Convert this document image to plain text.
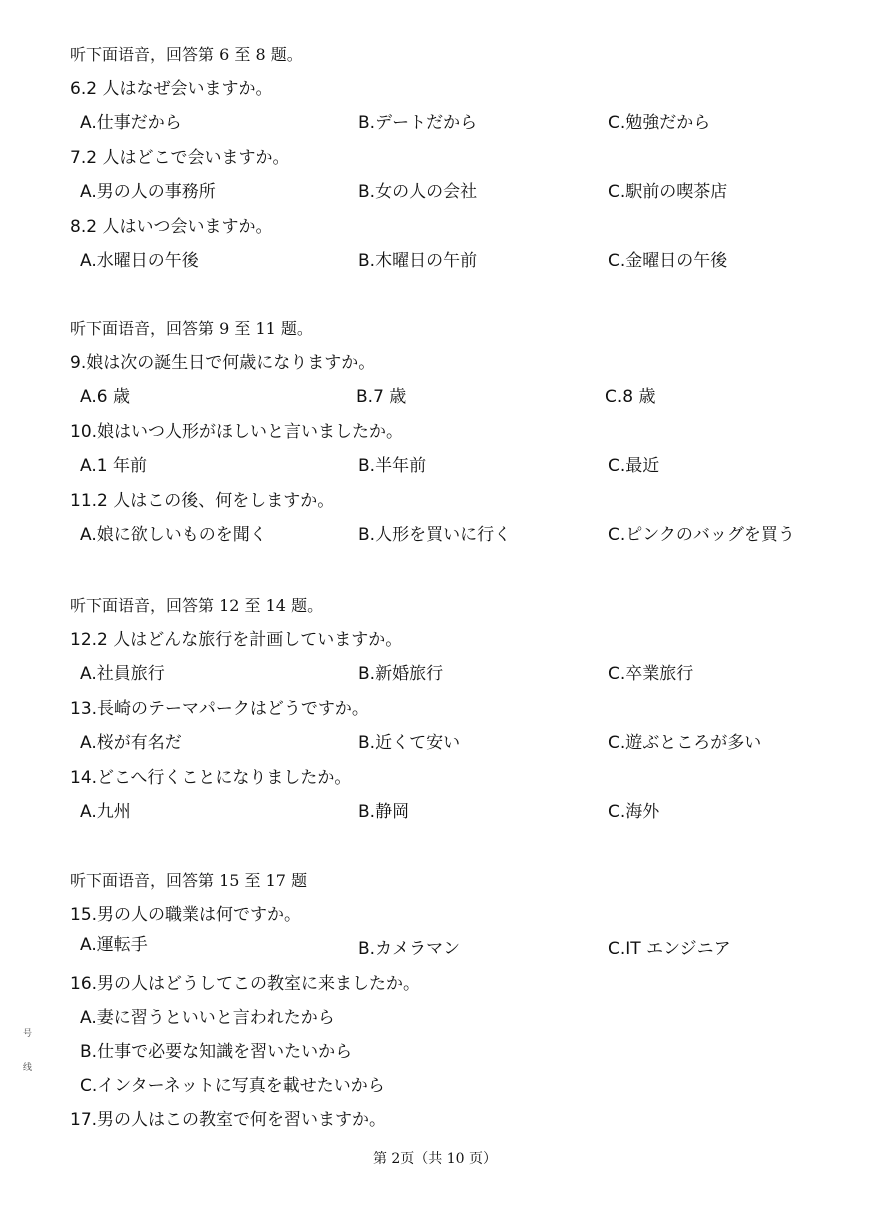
听下面语音，回答第 6 至 8 题。
6.2 人はなぜ会いますか。
A.仕事だから	B.デートだから	C.勉強だから
7.2 人はどこで会いますか。
A.男の人の事務所	B.女の人の会社	C.駅前の喫茶店
8.2 人はいつ会いますか。
A.水曜日の午後	B.木曜日の午前	C.金曜日の午後
听下面语音，回答第 9 至 11 题。
9.娘は次の誕生日で何歳になりますか。
A.6 歳	B.7 歳	C.8 歳
10.娘はいつ人形がほしいと言いましたか。
A.1 年前	B.半年前	C.最近
11.2 人はこの後、何をしますか。
A.娘に欲しいものを聞く	B.人形を買いに行く	C.ピンクのバッグを買う
听下面语音，回答第 12 至 14 题。
12.2 人はどんな旅行を計画していますか。
A.社員旅行	B.新婚旅行	C.卒業旅行
13.長崎のテーマパークはどうですか。
A.桜が有名だ	B.近くて安い	C.遊ぶところが多い
14.どこへ行くことになりましたか。
A.九州	B.静岡	C.海外
听下面语音，回答第 15 至 17 题
15.男の人の職業は何ですか。
A.運転手	B.カメラマン	C.IT エンジニア
16.男の人はどうしてこの教室に来ましたか。
A.妻に習うといいと言われたから
B.仕事で必要な知識を習いたいから
C.インターネットに写真を載せたいから
17.男の人はこの教室で何を習いますか。
号
线
第 2页（共 10 页）
